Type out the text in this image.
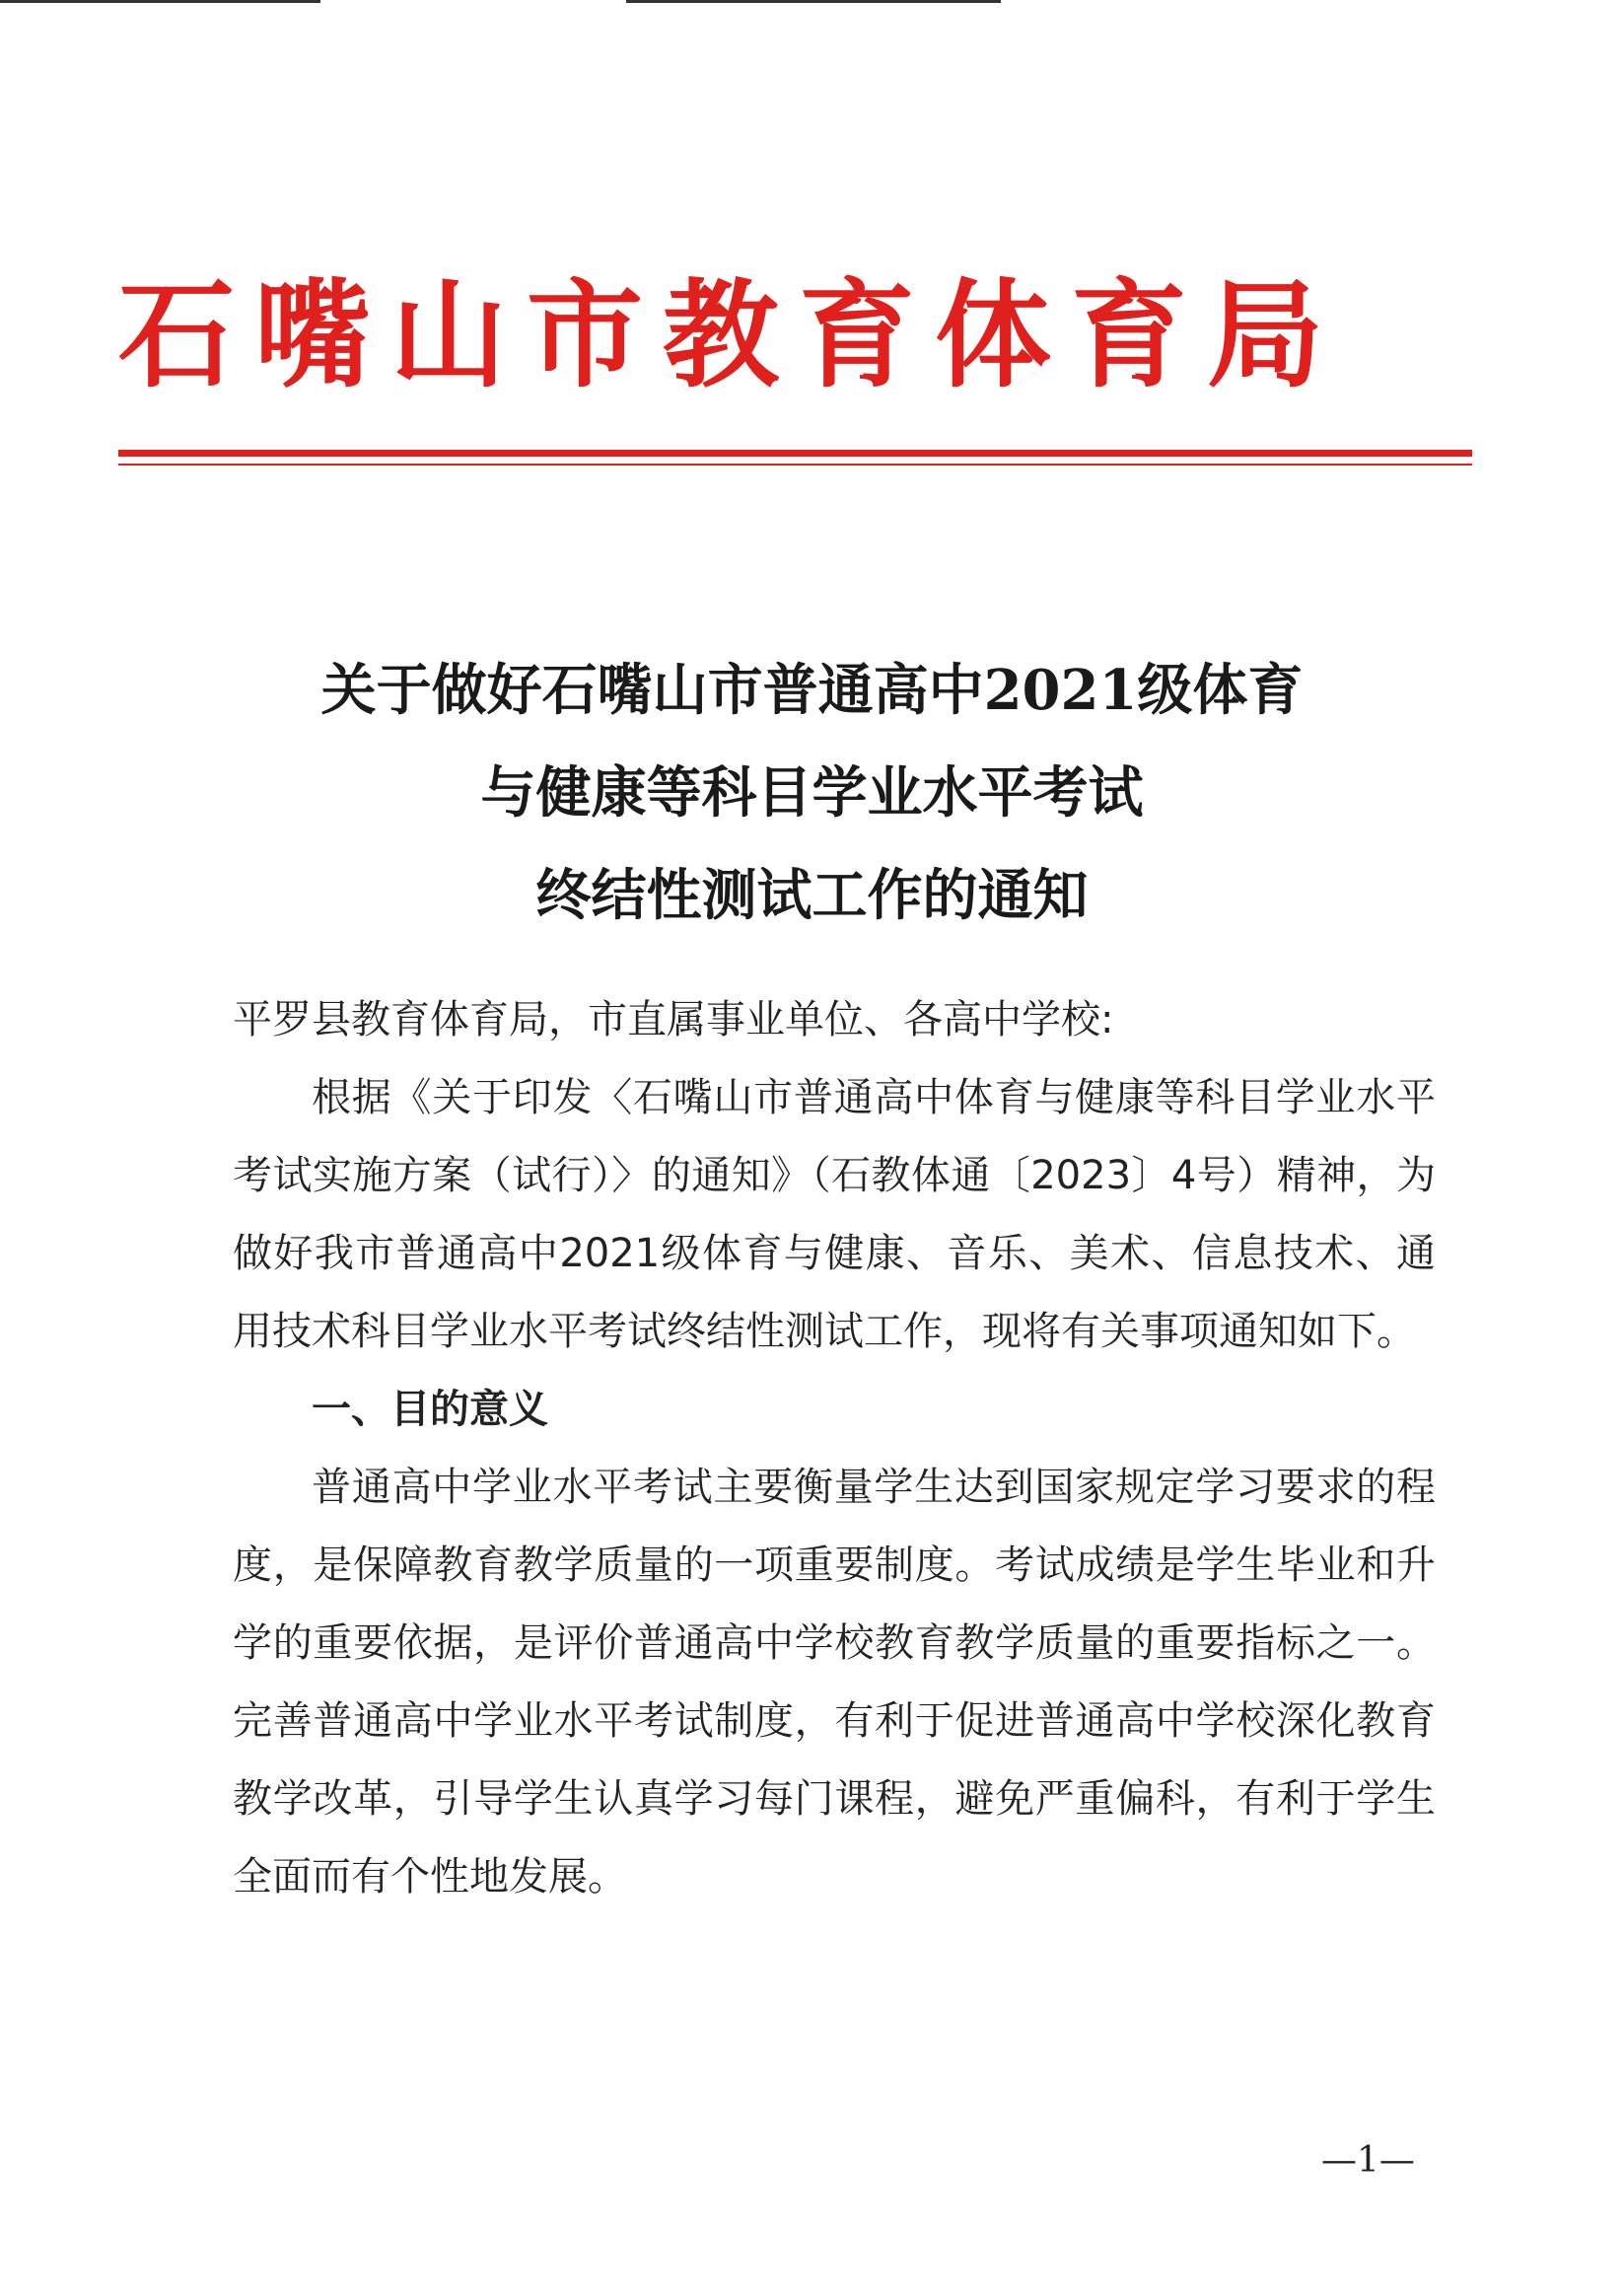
石嘴山市教育体育局
关于做好石嘴山市普通高中2021级体育
与健康等科目学业水平考试
终结性测试工作的通知

平罗县教育体育局，市直属事业单位、各高中学校:

根据《关于印发〈石嘴山市普通高中体育与健康等科目学业水平考试实施方案（试行）〉的通知》（石教体通〔2023〕4号）精神，为做好我市普通高中2021级体育与健康、音乐、美术、信息技术、通用技术科目学业水平考试终结性测试工作，现将有关事项通知如下。

一、目的意义

普通高中学业水平考试主要衡量学生达到国家规定学习要求的程度，是保障教育教学质量的一项重要制度。考试成绩是学生毕业和升学的重要依据，是评价普通高中学校教育教学质量的重要指标之一。完善普通高中学业水平考试制度，有利于促进普通高中学校深化教育教学改革，引导学生认真学习每门课程，避免严重偏科，有利于学生全面而有个性地发展。

—1—
